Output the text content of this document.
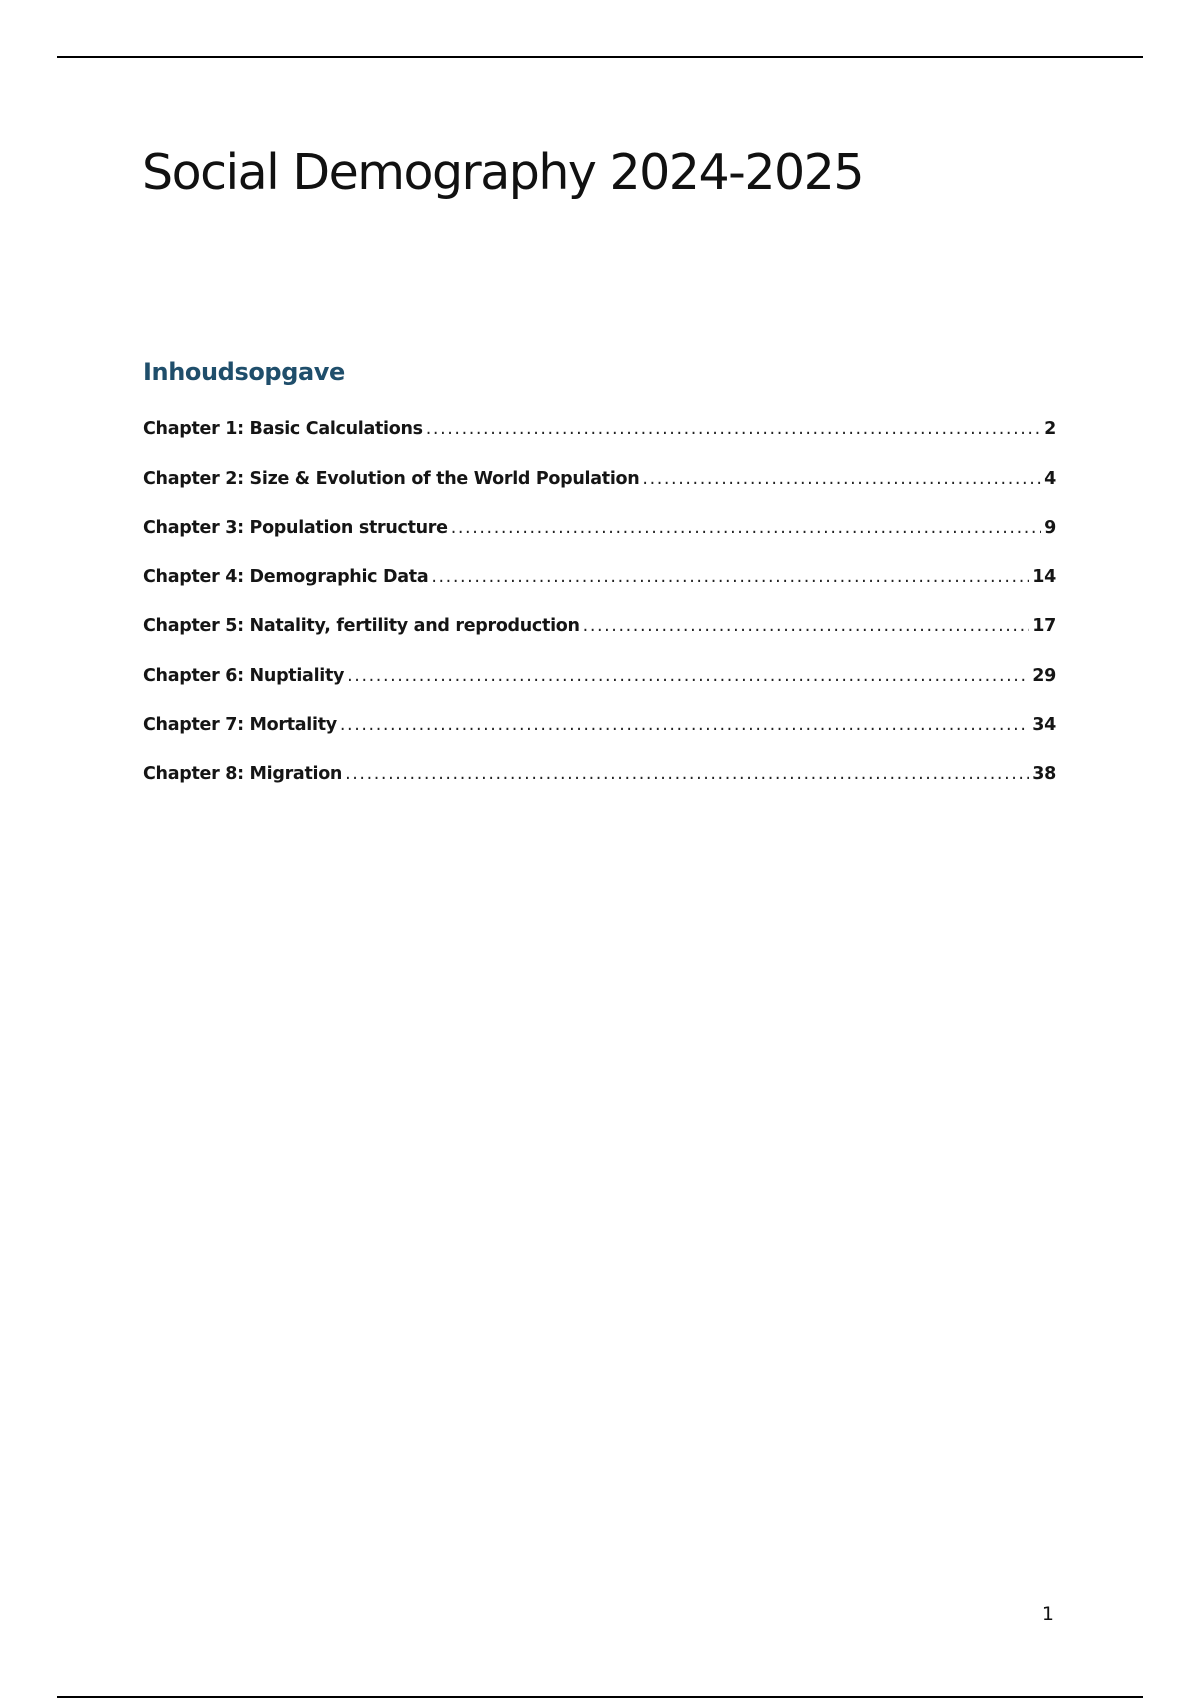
Social Demography 2024-2025
Inhoudsopgave
Chapter 1: Basic Calculations .....	2
Chapter 2: Size & Evolution of the World Population .....	4
Chapter 3: Population structure .....	9
Chapter 4: Demographic Data .....	14
Chapter 5: Natality, fertility and reproduction .....	17
Chapter 6: Nuptiality .....	29
Chapter 7: Mortality .....	34
Chapter 8: Migration .....	38
1
